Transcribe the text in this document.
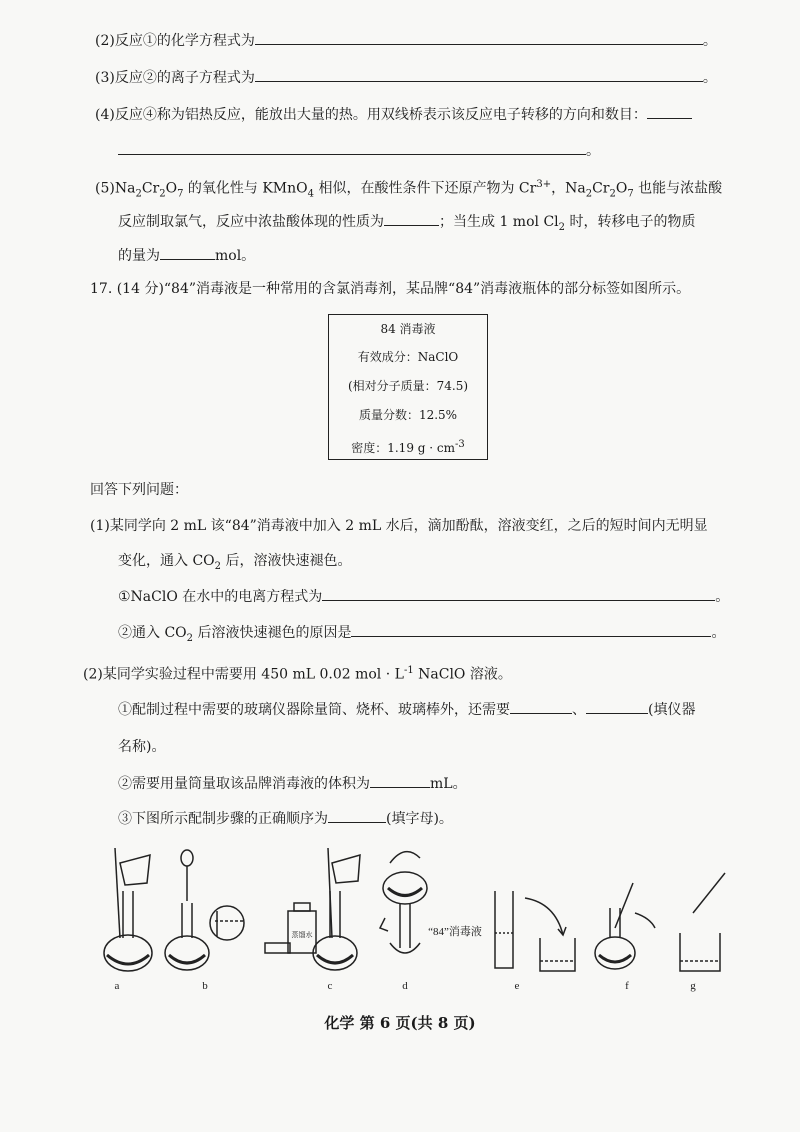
(2)反应①的化学方程式为	。
(3)反应②的离子方程式为	。
(4)反应④称为铝热反应，能放出大量的热。用双线桥表示该反应电子转移的方向和数目：
。
$(5)Na_2Cr_2O_7$ 的氧化性与 KMnO$_4$ 相似，在酸性条件下还原产物为 $Cr^{3+}$，$Na_2Cr_2O_7$ 也能与浓盐酸
反应制取氯气，反应中浓盐酸体现的性质为	；当生成 1 mol $Cl_2$ 时，转移电子的物质
的量为	mol。
17. (14 分)“84”消毒液是一种常用的含氯消毒剂，某品牌“84”消毒液瓶体的部分标签如图所示。
84 消毒液
有效成分：NaClO
(相对分子质量：74.5)
质量分数：12.5%
密度：1.19 $g \cdot cm^{-3}$
回答下列问题：
(1)某同学向 2 mL 该“84”消毒液中加入 2 mL 水后，滴加酚酞，溶液变红，之后的短时间内无明显
变化，通入 $CO_2$ 后，溶液快速褪色。
①NaClO 在水中的电离方程式为	。
②通入 $CO_2$ 后溶液快速褪色的原因是	。
(2)某同学实验过程中需要用 450 mL 0.02 mol · $L^{-1}$ NaClO 溶液。
①配制过程中需要的玻璃仪器除量筒、烧杯、玻璃棒外，还需要	、	(填仪器
名称)。
②需要用量筒量取该品牌消毒液的体积为	mL。
③下图所示配制步骤的正确顺序为	(填字母)。
a	b
蒸馏水
c	d
“84”消毒液
e	f	g
化学 第 6 页(共 8 页)
